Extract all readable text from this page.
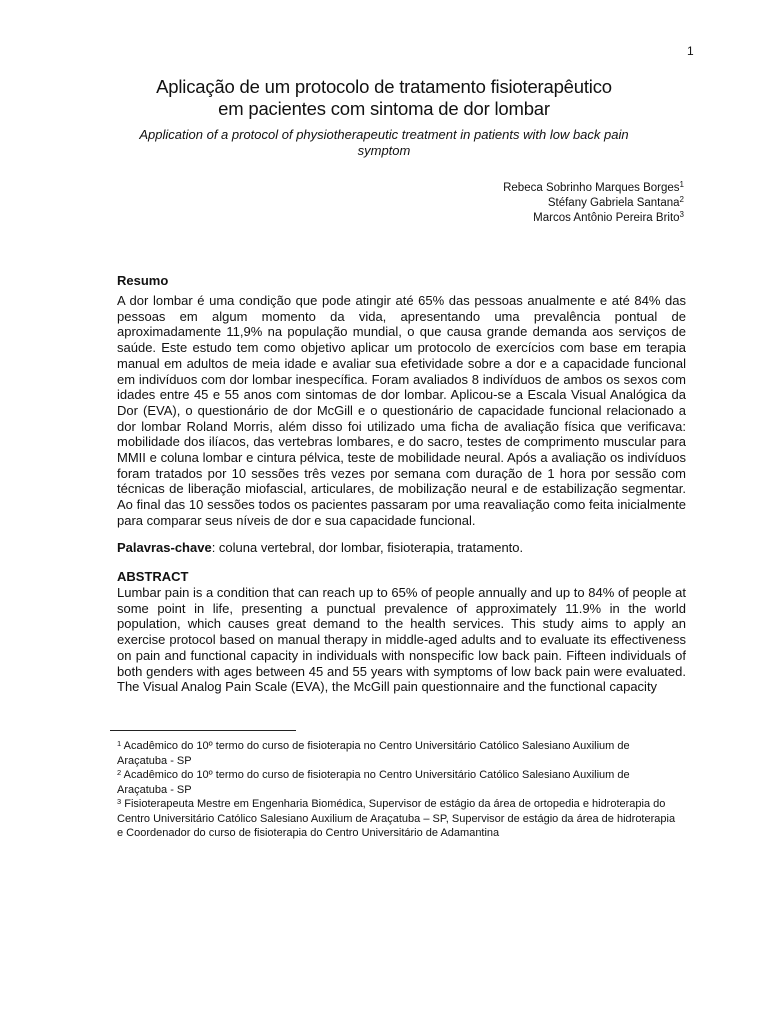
1
Aplicação de um protocolo de tratamento fisioterapêutico
em pacientes com sintoma de dor lombar
Application of a protocol of physiotherapeutic treatment in patients with low back pain symptom
Rebeca Sobrinho Marques Borges$^1$
Stéfany Gabriela Santana$^2$
Marcos Antônio Pereira Brito$^3$
Resumo
A dor lombar é uma condição que pode atingir até 65% das pessoas anualmente e até 84% das pessoas em algum momento da vida, apresentando uma prevalência pontual de aproximadamente 11,9% na população mundial, o que causa grande demanda aos serviços de saúde. Este estudo tem como objetivo aplicar um protocolo de exercícios com base em terapia manual em adultos de meia idade e avaliar sua efetividade sobre a dor e a capacidade funcional em indivíduos com dor lombar inespecífica. Foram avaliados 8 indivíduos de ambos os sexos com idades entre 45 e 55 anos com sintomas de dor lombar. Aplicou-se a Escala Visual Analógica da Dor (EVA), o questionário de dor McGill e o questionário de capacidade funcional relacionado a dor lombar Roland Morris, além disso foi utilizado uma ficha de avaliação física que verificava: mobilidade dos ilíacos, das vertebras lombares, e do sacro, testes de comprimento muscular para MMII e coluna lombar e cintura pélvica, teste de mobilidade neural. Após a avaliação os indivíduos foram tratados por 10 sessões três vezes por semana com duração de 1 hora por sessão com técnicas de liberação miofascial, articulares, de mobilização neural e de estabilização segmentar. Ao final das 10 sessões todos os pacientes passaram por uma reavaliação como feita inicialmente para comparar seus níveis de dor e sua capacidade funcional.
Palavras-chave: coluna vertebral, dor lombar, fisioterapia, tratamento.
ABSTRACT
Lumbar pain is a condition that can reach up to 65% of people annually and up to 84% of people at some point in life, presenting a punctual prevalence of approximately 11.9% in the world population, which causes great demand to the health services. This study aims to apply an exercise protocol based on manual therapy in middle-aged adults and to evaluate its effectiveness on pain and functional capacity in individuals with nonspecific low back pain. Fifteen individuals of both genders with ages between 45 and 55 years with symptoms of low back pain were evaluated. The Visual Analog Pain Scale (EVA), the McGill pain questionnaire and the functional capacity

$^1$ Acadêmico do 10º termo do curso de fisioterapia no Centro Universitário Católico Salesiano Auxilium de Araçatuba - SP

$^2$ Acadêmico do 10º termo do curso de fisioterapia no Centro Universitário Católico Salesiano Auxilium de Araçatuba - SP

$^3$ Fisioterapeuta Mestre em Engenharia Biomédica, Supervisor de estágio da área de ortopedia e hidroterapia do Centro Universitário Católico Salesiano Auxilium de Araçatuba – SP, Supervisor de estágio da área de hidroterapia e Coordenador do curso de fisioterapia do Centro Universitário de Adamantina
